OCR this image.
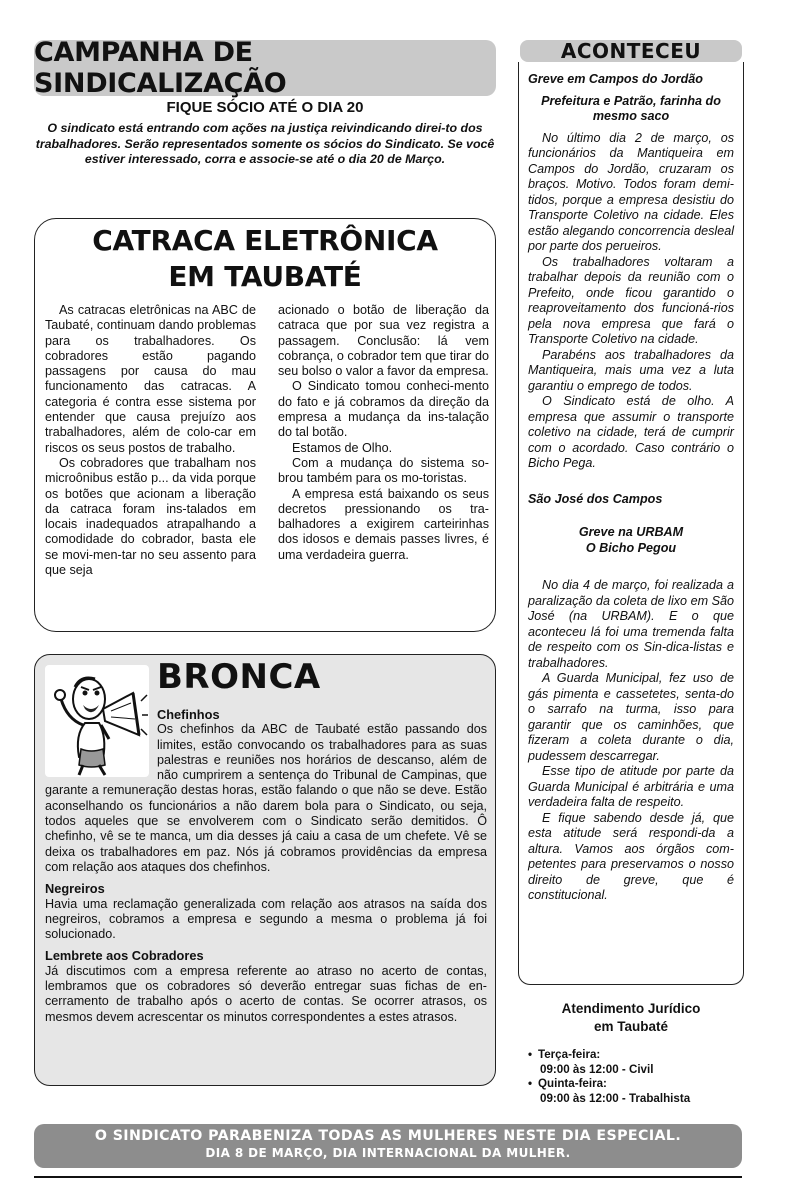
CAMPANHA DE SINDICALIZAÇÃO
FIQUE SÓCIO ATÉ O DIA 20
O sindicato está entrando com ações na justiça reivindicando direi-to dos trabalhadores. Serão representados somente os sócios do Sindicato. Se você estiver interessado, corra e associe-se até o dia 20 de Março.
CATRACA ELETRÔNICA
EM TAUBATÉ

As catracas eletrônicas na ABC de Taubaté, continuam dando problemas para os trabalhadores. Os cobradores estão pagando passagens por causa do mau funcionamento das catracas. A categoria é contra esse sistema por entender que causa prejuízo aos trabalhadores, além de colo-car em riscos os seus postos de trabalho.

Os cobradores que trabalham nos microônibus estão p... da vida porque os botões que acionam a liberação da catraca foram ins-talados em locais inadequados atrapalhando a comodidade do cobrador, basta ele se movi-men-tar no seu assento para que seja

acionado o botão de liberação da catraca que por sua vez registra a passagem. Conclusão: lá vem cobrança, o cobrador tem que tirar do seu bolso o valor a favor da empresa.

O Sindicato tomou conheci-mento do fato e já cobramos da direção da empresa a mudança da ins-talação do tal botão.

Estamos de Olho.

Com a mudança do sistema so-brou também para os mo-toristas.

A empresa está baixando os seus decretos pressionando os tra-balhadores a exigirem carteirinhas dos idosos e demais passes livres, é uma verdadeira guerra.

BRONCA
Chefinhos

Os chefinhos da ABC de Taubaté estão passando dos limites, estão convocando os trabalhadores para as suas palestras e reuniões nos horários de descanso, além de não cumprirem a sentença do Tribunal de Campinas, que garante a remuneração destas horas, estão falando o que não se deve. Estão aconselhando os funcionários a não darem bola para o Sindicato, ou seja, todos aqueles que se envolverem com o Sindicato serão demitidos. Ô chefinho, vê se te manca, um dia desses já caiu a casa de um chefete. Vê se deixa os trabalhadores em paz. Nós já cobramos providências da empresa com relação aos ataques dos chefinhos.

Negreiros

Havia uma reclamação generalizada com relação aos atrasos na saída dos negreiros, cobramos a empresa e segundo a mesma o problema já foi solucionado.

Lembrete aos Cobradores

Já discutimos com a empresa referente ao atraso no acerto de contas, lembramos que os cobradores só deverão entregar suas fichas de en-cerramento de trabalho após o acerto de contas. Se ocorrer atrasos, os mesmos devem acrescentar os minutos correspondentes a estes atrasos.

ACONTECEU
Greve em Campos do Jordão
Prefeitura e Patrão, farinha do mesmo saco

No último dia 2 de março, os funcionários da Mantiqueira em Campos do Jordão, cruzaram os braços. Motivo. Todos foram demi-tidos, porque a empresa desistiu do Transporte Coletivo na cidade. Eles estão alegando concorrencia desleal por parte dos perueiros.

Os trabalhadores voltaram a trabalhar depois da reunião com o Prefeito, onde ficou garantido o reaproveitamento dos funcioná-rios pela nova empresa que fará o Transporte Coletivo na cidade.

Parabéns aos trabalhadores da Mantiqueira, mais uma vez a luta garantiu o emprego de todos.

O Sindicato está de olho. A empresa que assumir o transporte coletivo na cidade, terá de cumprir com o acordado. Caso contrário o Bicho Pega.

São José dos Campos
Greve na URBAM
O Bicho Pegou

No dia 4 de março, foi realizada a paralização da coleta de lixo em São José (na URBAM). E o que aconteceu lá foi uma tremenda falta de respeito com os Sin-dica-listas e trabalhadores.

A Guarda Municipal, fez uso de gás pimenta e cassetetes, senta-do o sarrafo na turma, isso para garantir que os caminhões, que fizeram a coleta durante o dia, pudessem descarregar.

Esse tipo de atitude por parte da Guarda Municipal é arbitrária e uma verdadeira falta de respeito.

E fique sabendo desde já, que esta atitude será respondi-da a altura. Vamos aos órgãos com-petentes para preservamos o nosso direito de greve, que é constitucional.

Atendimento Jurídico
em Taubaté
• Terça-feira:
09:00 às 12:00 - Civil
• Quinta-feira:
09:00 às 12:00 - Trabalhista
O SINDICATO PARABENIZA TODAS AS MULHERES NESTE DIA ESPECIAL.
DIA 8 DE MARÇO, DIA INTERNACIONAL DA MULHER.
